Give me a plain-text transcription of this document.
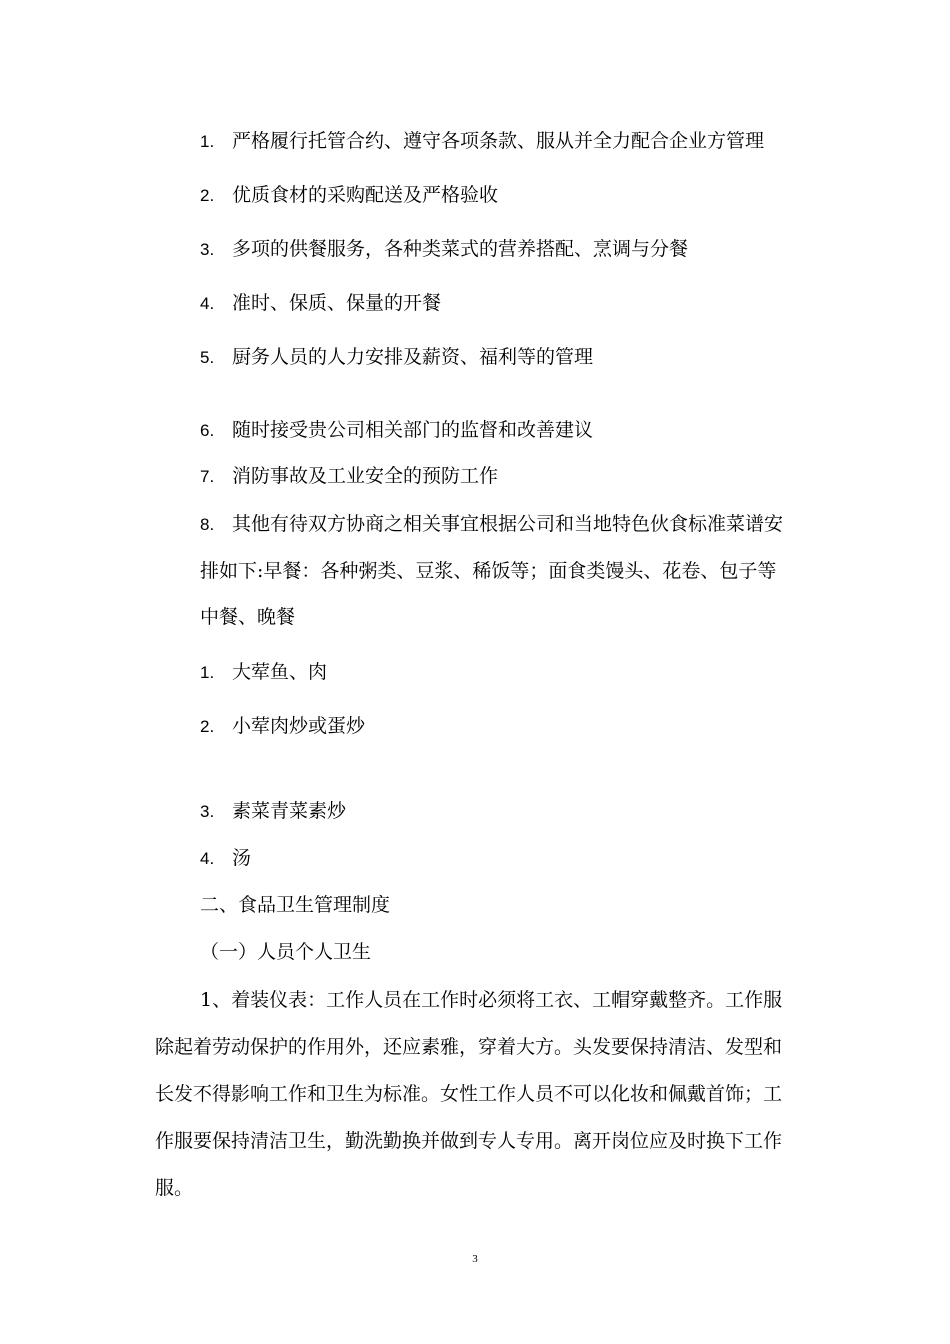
1. 严格履行托管合约、遵守各项条款、服从并全力配合企业方管理
2. 优质食材的采购配送及严格验收
3. 多项的供餐服务，各种类菜式的营养搭配、烹调与分餐
4. 准时、保质、保量的开餐
5. 厨务人员的人力安排及薪资、福利等的管理
6. 随时接受贵公司相关部门的监督和改善建议
7. 消防事故及工业安全的预防工作
8. 其他有待双方协商之相关事宜根据公司和当地特色伙食标准菜谱安
排如下:早餐：各种粥类、豆浆、稀饭等；面食类馒头、花卷、包子等
中餐、晚餐
1. 大荤鱼、肉
2. 小荤肉炒或蛋炒
3. 素菜青菜素炒
4. 汤
二、食品卫生管理制度
（一）人员个人卫生
1、着装仪表：工作人员在工作时必须将工衣、工帽穿戴整齐。工作服
除起着劳动保护的作用外，还应素雅，穿着大方。头发要保持清洁、发型和
长发不得影响工作和卫生为标准。女性工作人员不可以化妆和佩戴首饰；工
作服要保持清洁卫生，勤洗勤换并做到专人专用。离开岗位应及时换下工作
服。
3
